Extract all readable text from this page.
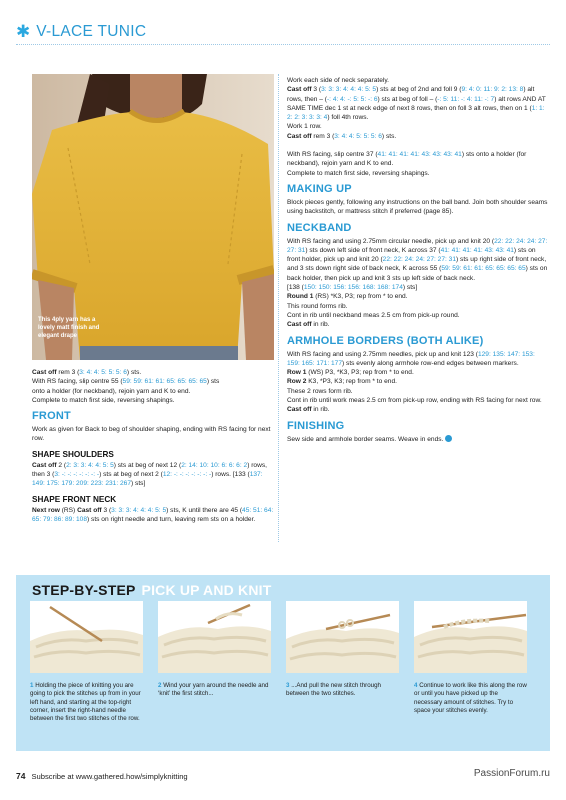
✱ V-LACE TUNIC
This 4ply yarn has a lovely matt finish and elegant drape

Cast off rem 3 (3: 4: 4: 5: 5: 5: 6) sts.

With RS facing, slip centre 55 (59: 59: 61: 61: 65: 65: 65: 65) sts

onto a holder (for neckband), rejoin yarn and K to end.

Complete to match first side, reversing shapings.

FRONT

Work as given for Back to beg of shoulder shaping, ending with RS facing for next row.

SHAPE SHOULDERS

Cast off 2 (2: 3: 3: 4: 4: 5: 5) sts at beg of next 12 (2: 14: 10: 10: 6: 6: 6: 2) rows, then 3 (3: -: -: -: -: -: -: -) sts at beg of next 2 (12: -: -: -: -: -: -: -) rows. [133 (137: 149: 175: 179: 209: 223: 231: 267) sts]

SHAPE FRONT NECK

Next row (RS) Cast off 3 (3: 3: 3: 4: 4: 4: 5: 5) sts, K until there are 45 (45: 51: 64: 65: 79: 86: 89: 108) sts on right needle and turn, leaving rem sts on a holder.

Work each side of neck separately.

Cast off 3 (3: 3: 3: 4: 4: 4: 5: 5) sts at beg of 2nd and foll 9 (9: 4: 0: 11: 9: 2: 13: 8) alt rows, then – (-: 4: 4: -: 5: 5: -: 6) sts at beg of foll – (-: 5: 11: -: 4: 11: -: 7) alt rows AND AT SAME TIME dec 1 st at neck edge of next 8 rows, then on foll 3 alt rows, then on 1 (1: 1: 2: 2: 3: 3: 3: 4) foll 4th rows.

Work 1 row.

Cast off rem 3 (3: 4: 4: 5: 5: 5: 6) sts.

With RS facing, slip centre 37 (41: 41: 41: 41: 43: 43: 43: 41) sts onto a holder (for neckband), rejoin yarn and K to end.

Complete to match first side, reversing shapings.

MAKING UP

Block pieces gently, following any instructions on the ball band. Join both shoulder seams using backstitch, or mattress stitch if preferred (page 85).

NECKBAND

With RS facing and using 2.75mm circular needle, pick up and knit 20 (22: 22: 24: 24: 27: 27: 31) sts down left side of front neck, K across 37 (41: 41: 41: 41: 43: 43: 41) sts on front holder, pick up and knit 20 (22: 22: 24: 24: 27: 27: 31) sts up right side of front neck, and 3 sts down right side of back neck, K across 55 (59: 59: 61: 61: 65: 65: 65: 65) sts on back holder, then pick up and knit 3 sts up left side of back neck.

[138 (150: 150: 156: 156: 168: 168: 174) sts]

Round 1 (RS) *K3, P3; rep from * to end.

This round forms rib.

Cont in rib until neckband meas 2.5 cm from pick-up round.

Cast off in rib.

ARMHOLE BORDERS (BOTH ALIKE)

With RS facing and using 2.75mm needles, pick up and knit 123 (129: 135: 147: 153: 159: 165: 171: 177) sts evenly along armhole row-end edges between markers.

Row 1 (WS) P3, *K3, P3; rep from * to end.

Row 2 K3, *P3, K3; rep from * to end.

These 2 rows form rib.

Cont in rib until work meas 2.5 cm from pick-up row, ending with RS facing for next row.

Cast off in rib.

FINISHING

Sew side and armhole border seams. Weave in ends.

STEP-BY-STEP PICK UP AND KNIT
1 Holding the piece of knitting you are going to pick the stitches up from in your left hand, and starting at the top-right corner, insert the right-hand needle between the first two stitches of the row.
2 Wind your yarn around the needle and ‘knit’ the first stitch...
3 ...And pull the new stitch through between the two stitches.
4 Continue to work like this along the row or until you have picked up the necessary amount of stitches. Try to space your stitches evenly.
74 Subscribe at www.gathered.how/simplyknitting	PassionForum.ru
